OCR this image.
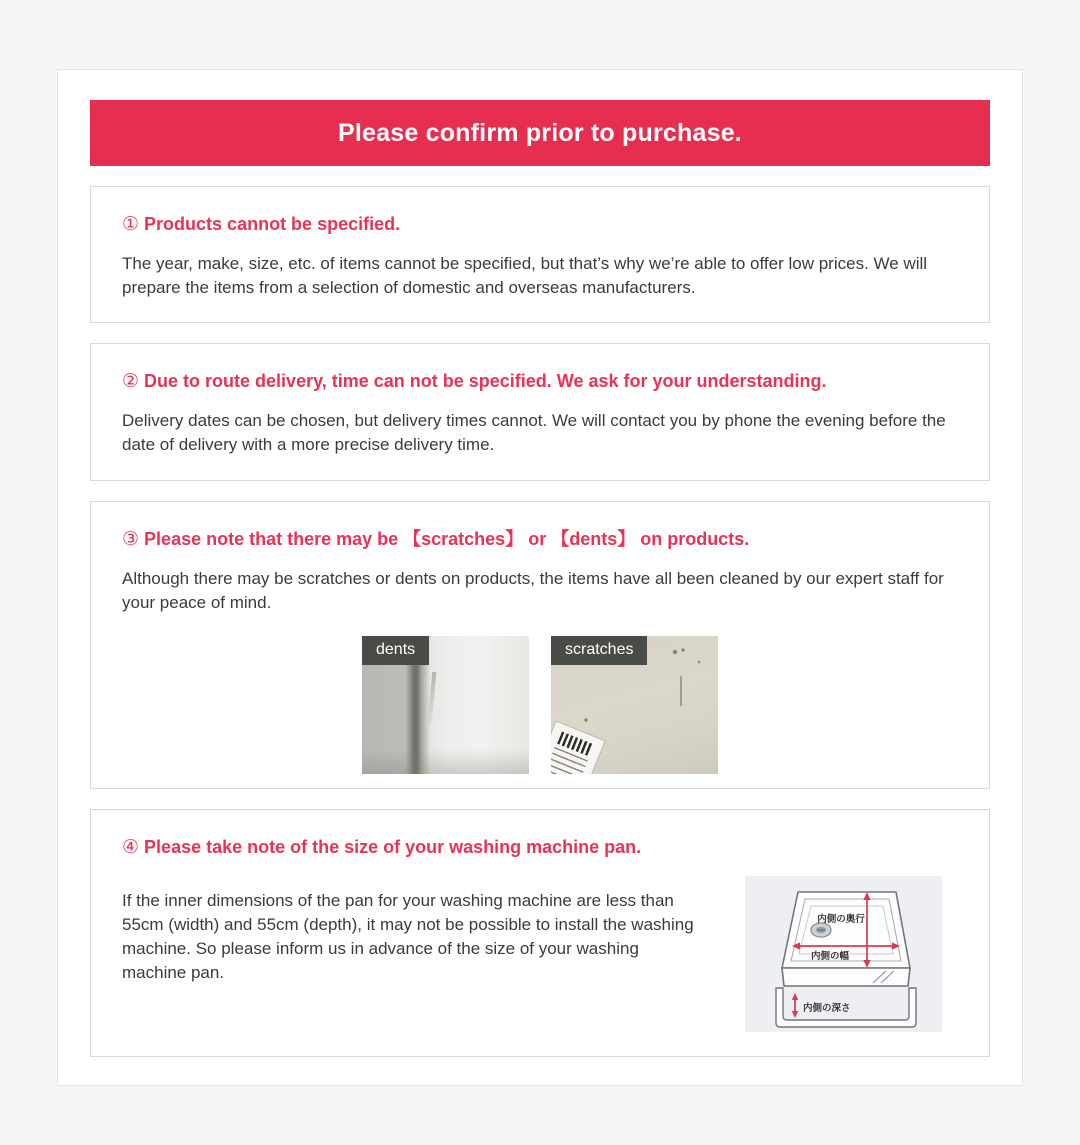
Please confirm prior to purchase.
① Products cannot be specified.

The year, make, size, etc. of items cannot be specified, but that’s why we’re able to offer low prices. We will prepare the items from a selection of domestic and overseas manufacturers.

② Due to route delivery, time can not be specified. We ask for your understanding.

Delivery dates can be chosen, but delivery times cannot. We will contact you by phone the evening before the date of delivery with a more precise delivery time.

③ Please note that there may be 【scratches】 or 【dents】 on products.

Although there may be scratches or dents on products, the items have all been cleaned by our expert staff for your peace of mind.

dents	scratches
④ Please take note of the size of your washing machine pan.

If the inner dimensions of the pan for your washing machine are less than 55cm (width) and 55cm (depth), it may not be possible to install the washing machine. So please inform us in advance of the size of your washing machine pan.

内側の奥行
内側の幅
内側の深さ
